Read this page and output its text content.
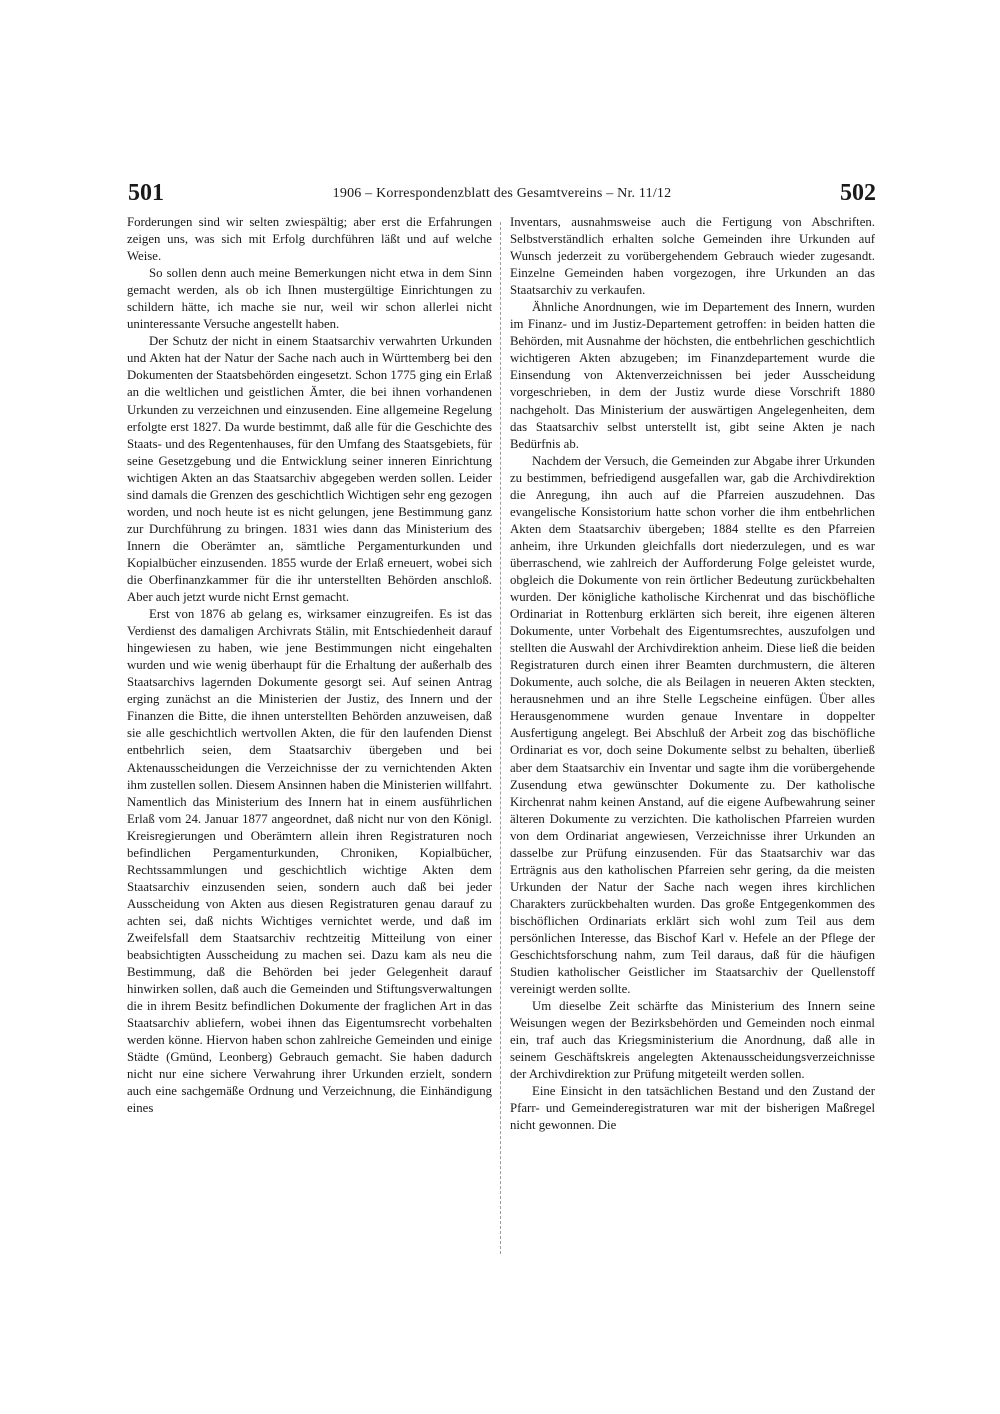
501	1906 – Korrespondenzblatt des Gesamtvereins – Nr. 11/12	502

Forderungen sind wir selten zwiespältig; aber erst die Erfahrungen zeigen uns, was sich mit Erfolg durchführen läßt und auf welche Weise.

So sollen denn auch meine Bemerkungen nicht etwa in dem Sinn gemacht werden, als ob ich Ihnen mustergültige Einrichtungen zu schildern hätte, ich mache sie nur, weil wir schon allerlei nicht uninteressante Versuche angestellt haben.

Der Schutz der nicht in einem Staatsarchiv verwahrten Urkunden und Akten hat der Natur der Sache nach auch in Württemberg bei den Dokumenten der Staatsbehörden eingesetzt. Schon 1775 ging ein Erlaß an die weltlichen und geistlichen Ämter, die bei ihnen vorhandenen Urkunden zu verzeichnen und einzusenden. Eine allgemeine Regelung erfolgte erst 1827. Da wurde bestimmt, daß alle für die Geschichte des Staats- und des Regentenhauses, für den Umfang des Staatsgebiets, für seine Gesetzgebung und die Entwicklung seiner inneren Einrichtung wichtigen Akten an das Staatsarchiv abgegeben werden sollen. Leider sind damals die Grenzen des geschichtlich Wichtigen sehr eng gezogen worden, und noch heute ist es nicht gelungen, jene Bestimmung ganz zur Durchführung zu bringen. 1831 wies dann das Ministerium des Innern die Oberämter an, sämtliche Pergamenturkunden und Kopialbücher einzusenden. 1855 wurde der Erlaß erneuert, wobei sich die Oberfinanzkammer für die ihr unterstellten Behörden anschloß. Aber auch jetzt wurde nicht Ernst gemacht.

Erst von 1876 ab gelang es, wirksamer einzugreifen. Es ist das Verdienst des damaligen Archivrats Stälin, mit Entschiedenheit darauf hingewiesen zu haben, wie jene Bestimmungen nicht eingehalten wurden und wie wenig überhaupt für die Erhaltung der außerhalb des Staatsarchivs lagernden Dokumente gesorgt sei. Auf seinen Antrag erging zunächst an die Ministerien der Justiz, des Innern und der Finanzen die Bitte, die ihnen unterstellten Behörden anzuweisen, daß sie alle geschichtlich wertvollen Akten, die für den laufenden Dienst entbehrlich seien, dem Staatsarchiv übergeben und bei Aktenausscheidungen die Verzeichnisse der zu vernichtenden Akten ihm zustellen sollen. Diesem Ansinnen haben die Ministerien willfahrt. Namentlich das Ministerium des Innern hat in einem ausführlichen Erlaß vom 24. Januar 1877 angeordnet, daß nicht nur von den Königl. Kreisregierungen und Oberämtern allein ihren Registraturen noch befindlichen Pergamenturkunden, Chroniken, Kopialbücher, Rechtssammlungen und geschichtlich wichtige Akten dem Staatsarchiv einzusenden seien, sondern auch daß bei jeder Ausscheidung von Akten aus diesen Registraturen genau darauf zu achten sei, daß nichts Wichtiges vernichtet werde, und daß im Zweifelsfall dem Staatsarchiv rechtzeitig Mitteilung von einer beabsichtigten Ausscheidung zu machen sei. Dazu kam als neu die Bestimmung, daß die Behörden bei jeder Gelegenheit darauf hinwirken sollen, daß auch die Gemeinden und Stiftungsverwaltungen die in ihrem Besitz befindlichen Dokumente der fraglichen Art in das Staatsarchiv abliefern, wobei ihnen das Eigentumsrecht vorbehalten werden könne. Hiervon haben schon zahlreiche Gemeinden und einige Städte (Gmünd, Leonberg) Gebrauch gemacht. Sie haben dadurch nicht nur eine sichere Verwahrung ihrer Urkunden erzielt, sondern auch eine sachgemäße Ordnung und Verzeichnung, die Einhändigung eines

Inventars, ausnahmsweise auch die Fertigung von Abschriften. Selbstverständlich erhalten solche Gemeinden ihre Urkunden auf Wunsch jederzeit zu vorübergehendem Gebrauch wieder zugesandt. Einzelne Gemeinden haben vorgezogen, ihre Urkunden an das Staatsarchiv zu verkaufen.

Ähnliche Anordnungen, wie im Departement des Innern, wurden im Finanz- und im Justiz-Departement getroffen: in beiden hatten die Behörden, mit Ausnahme der höchsten, die entbehrlichen geschichtlich wichtigeren Akten abzugeben; im Finanzdepartement wurde die Einsendung von Aktenverzeichnissen bei jeder Ausscheidung vorgeschrieben, in dem der Justiz wurde diese Vorschrift 1880 nachgeholt. Das Ministerium der auswärtigen Angelegenheiten, dem das Staatsarchiv selbst unterstellt ist, gibt seine Akten je nach Bedürfnis ab.

Nachdem der Versuch, die Gemeinden zur Abgabe ihrer Urkunden zu bestimmen, befriedigend ausgefallen war, gab die Archivdirektion die Anregung, ihn auch auf die Pfarreien auszudehnen. Das evangelische Konsistorium hatte schon vorher die ihm entbehrlichen Akten dem Staatsarchiv übergeben; 1884 stellte es den Pfarreien anheim, ihre Urkunden gleichfalls dort niederzulegen, und es war überraschend, wie zahlreich der Aufforderung Folge geleistet wurde, obgleich die Dokumente von rein örtlicher Bedeutung zurückbehalten wurden. Der königliche katholische Kirchenrat und das bischöfliche Ordinariat in Rottenburg erklärten sich bereit, ihre eigenen älteren Dokumente, unter Vorbehalt des Eigentumsrechtes, auszufolgen und stellten die Auswahl der Archivdirektion anheim. Diese ließ die beiden Registraturen durch einen ihrer Beamten durchmustern, die älteren Dokumente, auch solche, die als Beilagen in neueren Akten steckten, herausnehmen und an ihre Stelle Legscheine einfügen. Über alles Herausgenommene wurden genaue Inventare in doppelter Ausfertigung angelegt. Bei Abschluß der Arbeit zog das bischöfliche Ordinariat es vor, doch seine Dokumente selbst zu behalten, überließ aber dem Staatsarchiv ein Inventar und sagte ihm die vorübergehende Zusendung etwa gewünschter Dokumente zu. Der katholische Kirchenrat nahm keinen Anstand, auf die eigene Aufbewahrung seiner älteren Dokumente zu verzichten. Die katholischen Pfarreien wurden von dem Ordinariat angewiesen, Verzeichnisse ihrer Urkunden an dasselbe zur Prüfung einzusenden. Für das Staatsarchiv war das Erträgnis aus den katholischen Pfarreien sehr gering, da die meisten Urkunden der Natur der Sache nach wegen ihres kirchlichen Charakters zurückbehalten wurden. Das große Entgegenkommen des bischöflichen Ordinariats erklärt sich wohl zum Teil aus dem persönlichen Interesse, das Bischof Karl v. Hefele an der Pflege der Geschichtsforschung nahm, zum Teil daraus, daß für die häufigen Studien katholischer Geistlicher im Staatsarchiv der Quellenstoff vereinigt werden sollte.

Um dieselbe Zeit schärfte das Ministerium des Innern seine Weisungen wegen der Bezirksbehörden und Gemeinden noch einmal ein, traf auch das Kriegsministerium die Anordnung, daß alle in seinem Geschäftskreis angelegten Aktenausscheidungsverzeichnisse der Archivdirektion zur Prüfung mitgeteilt werden sollen.

Eine Einsicht in den tatsächlichen Bestand und den Zustand der Pfarr- und Gemeinderegistraturen war mit der bisherigen Maßregel nicht gewonnen. Die
